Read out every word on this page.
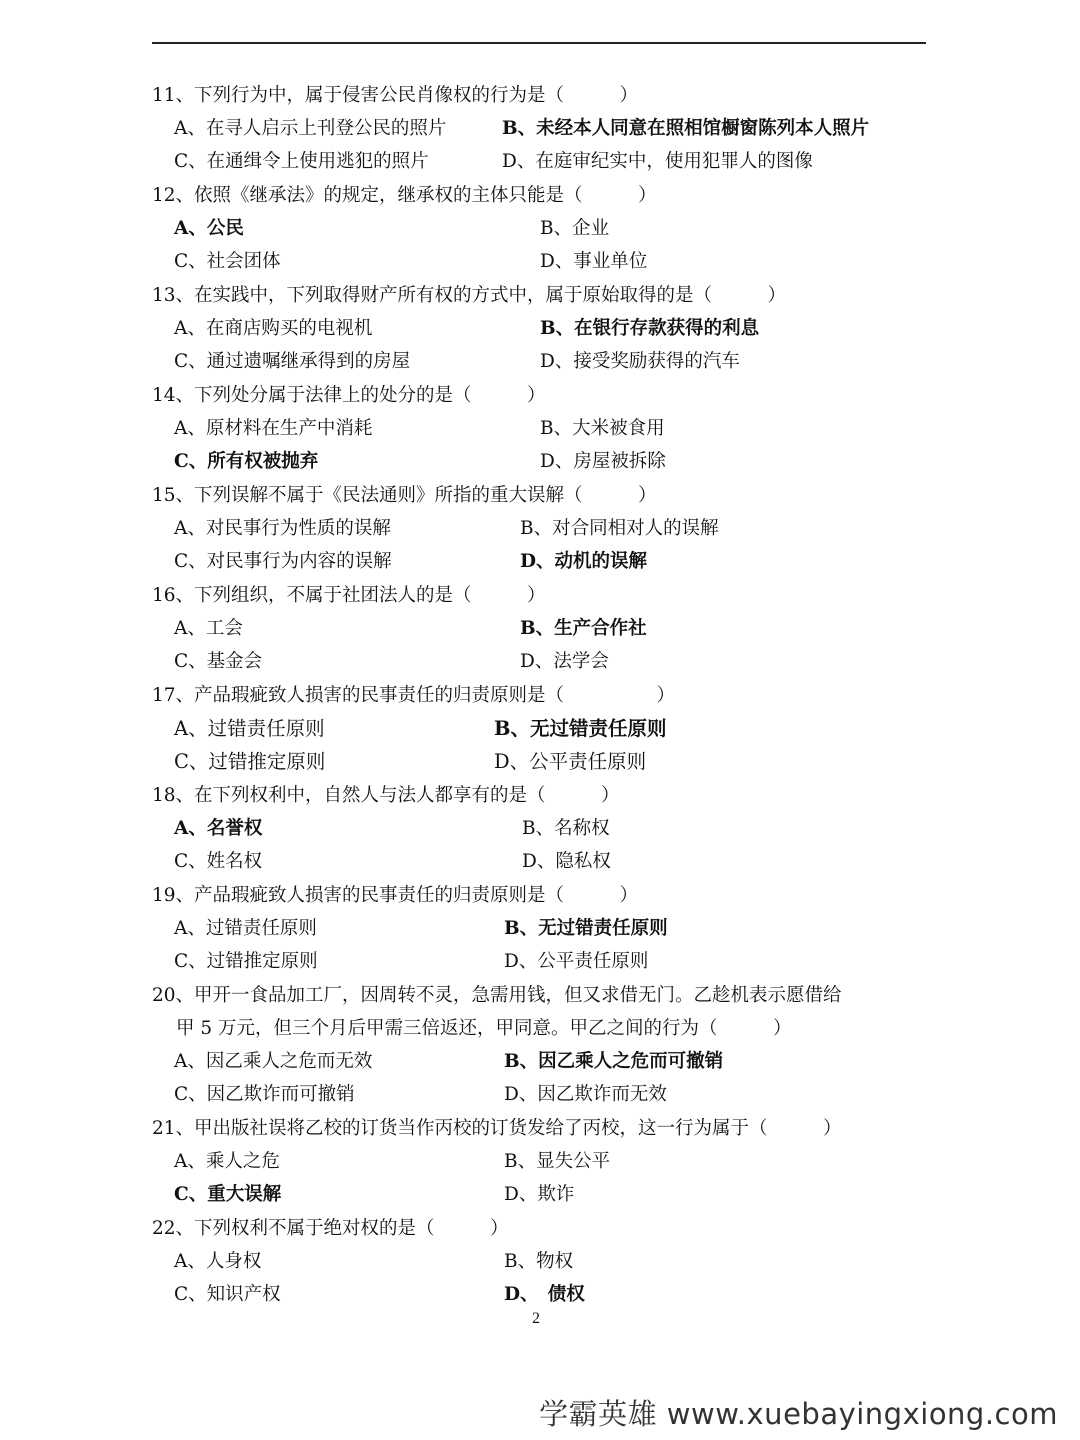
11、下列行为中，属于侵害公民肖像权的行为是（　　　）
A、在寻人启示上刊登公民的照片	B、未经本人同意在照相馆橱窗陈列本人照片
C、在通缉令上使用逃犯的照片	D、在庭审纪实中，使用犯罪人的图像
12、依照《继承法》的规定，继承权的主体只能是（　　　）
A、公民	B、企业
C、社会团体	D、事业单位
13、在实践中，下列取得财产所有权的方式中，属于原始取得的是（　　　）
A、在商店购买的电视机	B、在银行存款获得的利息
C、通过遗嘱继承得到的房屋	D、接受奖励获得的汽车
14、下列处分属于法律上的处分的是（　　　）
A、原材料在生产中消耗	B、大米被食用
C、所有权被抛弃	D、房屋被拆除
15、下列误解不属于《民法通则》所指的重大误解（　　　）
A、对民事行为性质的误解	B、对合同相对人的误解
C、对民事行为内容的误解	D、动机的误解
16、下列组织，不属于社团法人的是（　　　）
A、工会	B、生产合作社
C、基金会	D、法学会
17、产品瑕疵致人损害的民事责任的归责原则是（　　　　　）
A、过错责任原则	B、无过错责任原则
C、过错推定原则	D、公平责任原则
18、在下列权利中，自然人与法人都享有的是（　　　）
A、名誉权	B、名称权
C、姓名权	D、隐私权
19、产品瑕疵致人损害的民事责任的归责原则是（　　　）
A、过错责任原则	B、无过错责任原则
C、过错推定原则	D、公平责任原则
20、甲开一食品加工厂，因周转不灵，急需用钱，但又求借无门。乙趁机表示愿借给
甲 5 万元，但三个月后甲需三倍返还，甲同意。甲乙之间的行为（　　　）
A、因乙乘人之危而无效	B、因乙乘人之危而可撤销
C、因乙欺诈而可撤销	D、因乙欺诈而无效
21、甲出版社误将乙校的订货当作丙校的订货发给了丙校，这一行为属于（　　　）
A、乘人之危	B、显失公平
C、重大误解	D、欺诈
22、下列权利不属于绝对权的是（　　　）
A、人身权	B、物权
C、知识产权	D、　债权
2
学霸英雄 www.xuebayingxiong.com
